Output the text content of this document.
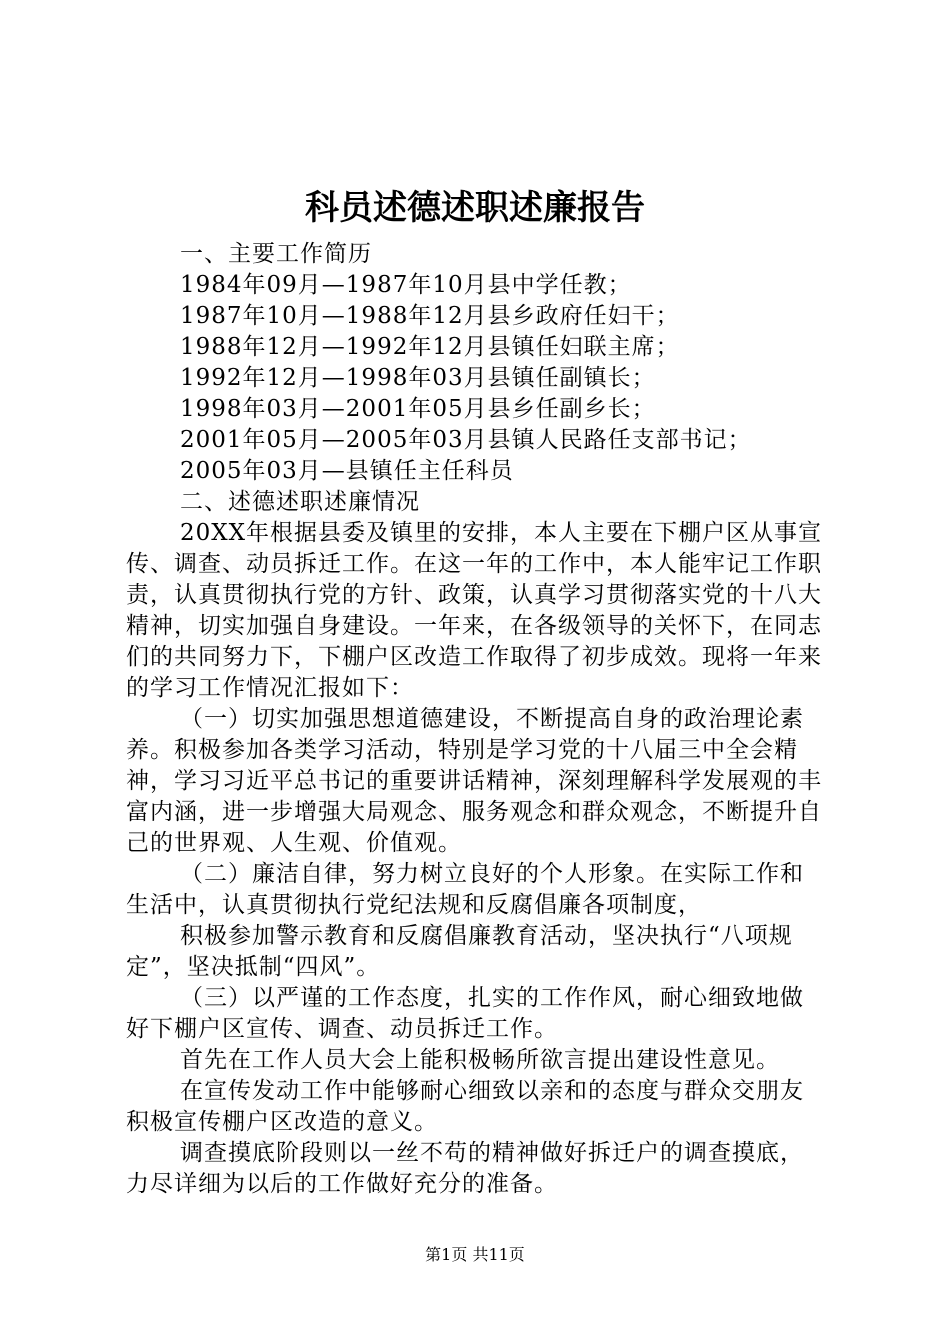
科员述德述职述廉报告

一、主要工作简历

1984年09月—1987年10月县中学任教；

1987年10月—1988年12月县乡政府任妇干；

1988年12月—1992年12月县镇任妇联主席；

1992年12月—1998年03月县镇任副镇长；

1998年03月—2001年05月县乡任副乡长；

2001年05月—2005年03月县镇人民路任支部书记；

2005年03月—县镇任主任科员

二、述德述职述廉情况

20XX年根据县委及镇里的安排，本人主要在下棚户区从事宣传、调查、动员拆迁工作。在这一年的工作中，本人能牢记工作职责，认真贯彻执行党的方针、政策，认真学习贯彻落实党的十八大精神，切实加强自身建设。一年来，在各级领导的关怀下，在同志们的共同努力下，下棚户区改造工作取得了初步成效。现将一年来的学习工作情况汇报如下：

（一）切实加强思想道德建设，不断提高自身的政治理论素养。积极参加各类学习活动，特别是学习党的十八届三中全会精神，学习习近平总书记的重要讲话精神，深刻理解科学发展观的丰富内涵，进一步增强大局观念、服务观念和群众观念，不断提升自己的世界观、人生观、价值观。

（二）廉洁自律，努力树立良好的个人形象。在实际工作和生活中，认真贯彻执行党纪法规和反腐倡廉各项制度，

积极参加警示教育和反腐倡廉教育活动，坚决执行“八项规定”，坚决抵制“四风”。

（三）以严谨的工作态度，扎实的工作作风，耐心细致地做好下棚户区宣传、调查、动员拆迁工作。

首先在工作人员大会上能积极畅所欲言提出建设性意见。

在宣传发动工作中能够耐心细致以亲和的态度与群众交朋友积极宣传棚户区改造的意义。

调查摸底阶段则以一丝不苟的精神做好拆迁户的调查摸底，力尽详细为以后的工作做好充分的准备。

第1页 共11页
